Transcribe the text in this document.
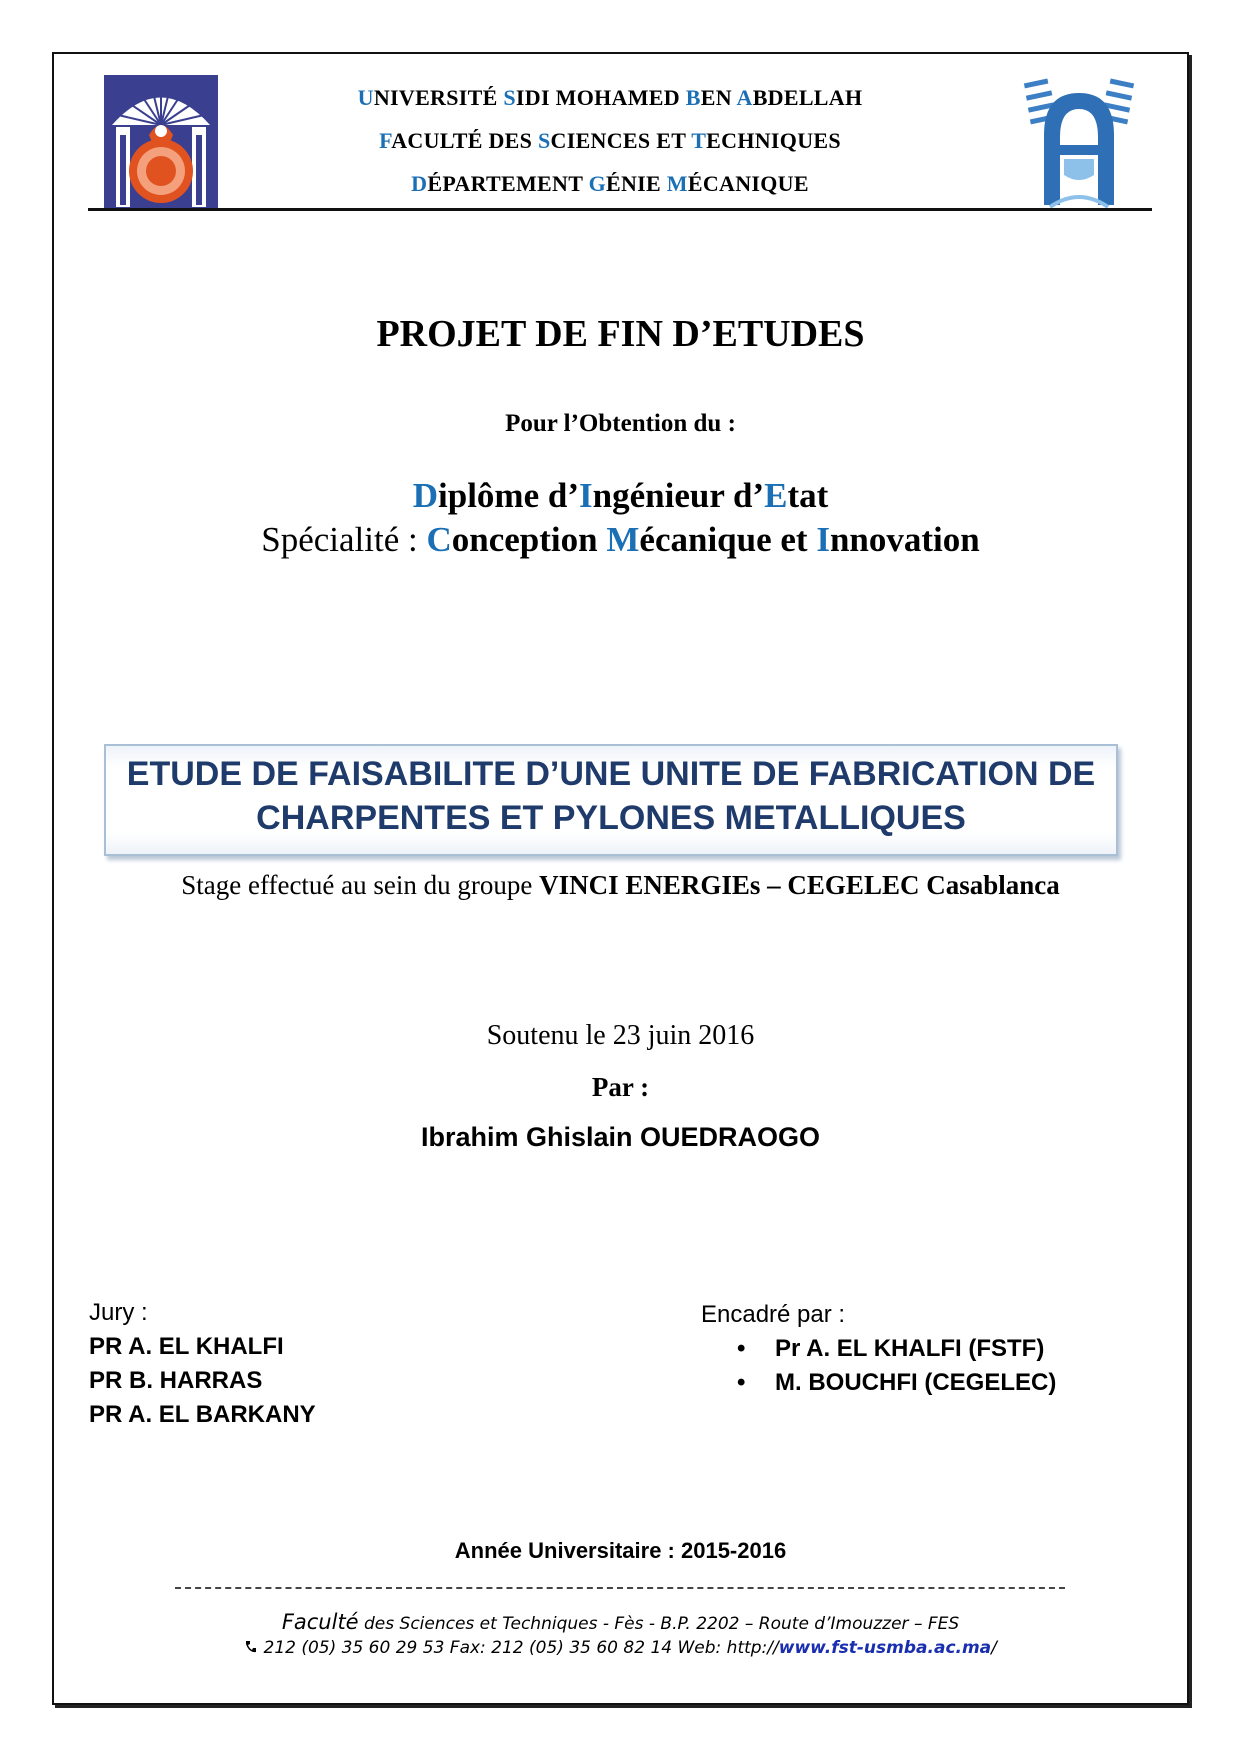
UNIVERSITÉ SIDI MOHAMED BEN ABDELLAH
FACULTÉ DES SCIENCES ET TECHNIQUES
DÉPARTEMENT GÉNIE MÉCANIQUE
PROJET DE FIN D’ETUDES
Pour l’Obtention du :
Diplôme d’Ingénieur d’Etat
Spécialité : Conception Mécanique et Innovation
ETUDE DE FAISABILITE D’UNE UNITE DE FABRICATION DE
CHARPENTES ET PYLONES METALLIQUES
Stage effectué au sein du groupe VINCI ENERGIEs – CEGELEC Casablanca
Soutenu le 23 juin 2016
Par :
Ibrahim Ghislain OUEDRAOGO
Jury :
PR A. EL KHALFI
PR B. HARRAS
PR A. EL BARKANY
Encadré par :
• Pr A. EL KHALFI (FSTF)
• M. BOUCHFI (CEGELEC)
Année Universitaire : 2015-2016
Faculté des Sciences et Techniques - Fès - B.P. 2202 – Route d’Imouzzer – FES
212 (05) 35 60 29 53 Fax: 212 (05) 35 60 82 14 Web: http://www.fst-usmba.ac.ma/
